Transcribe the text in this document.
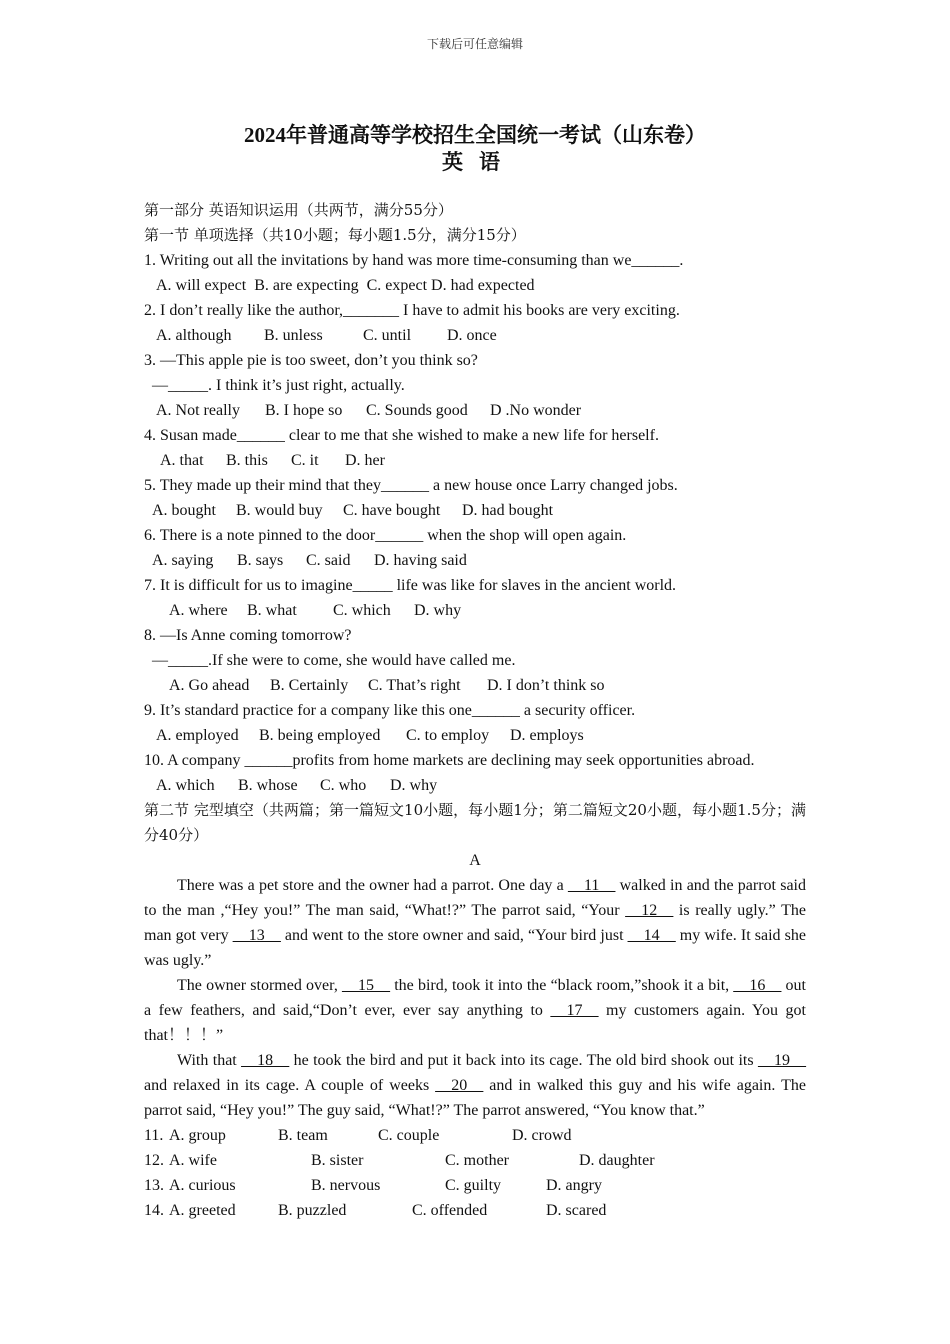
下载后可任意编辑
2024年普通高等学校招生全国统一考试（山东卷）
英语
第一部分 英语知识运用（共两节，满分55分）
第一节 单项选择（共10小题；每小题1.5分，满分15分）
1. Writing out all the invitations by hand was more time-consuming than we______.
A. will expect B. are expecting C. expect D. had expected
2. I don’t really like the author,_______ I have to admit his books are very exciting.
A. although B. unless	C. until D. once
3. —This apple pie is too sweet, don’t you think so?
—_____. I think it’s just right, actually.
A. Not really B. I hope so C. Sounds good D .No wonder
4. Susan made______ clear to me that she wished to make a new life for herself.
A. that B. this C. it D. her
5. They made up their mind that they______ a new house once Larry changed jobs.
A. bought B. would buy C. have bought D. had bought
6. There is a note pinned to the door______ when the shop will open again.
A. saying B. says C. said D. having said
7. It is difficult for us to imagine_____ life was like for slaves in the ancient world.
A. where B. what C. which D. why
8. —Is Anne coming tomorrow?
—_____.If she were to come, she would have called me.
A. Go ahead B. Certainly C. That’s right D. I don’t think so
9. It’s standard practice for a company like this one______ a security officer.
A. employed B. being employed C. to employ D. employs
10. A company ______profits from home markets are declining may seek opportunities abroad.
A. which B. whose C. who D. why
第二节 完型填空（共两篇；第一篇短文10小题，每小题1分；第二篇短文20小题，每小题1.5分；满分40分）
A
There was a pet store and the owner had a parrot. One day a __11__ walked in and the parrot said to the man ,“Hey you!” The man said, “What!?” The parrot said, “Your __12__ is really ugly.” The man got very __13__ and went to the store owner and said, “Your bird just __14__ my wife. It said she was ugly.”
The owner stormed over, __15__ the bird, took it into the “black room,”shook it a bit, __16__ out a few feathers, and said,“Don’t ever, ever say anything to __17__ my customers again. You got that！！！”
With that __18__ he took the bird and put it back into its cage. The old bird shook out its __19__ and relaxed in its cage. A couple of weeks __20__ and in walked this guy and his wife again. The parrot said, “Hey you!” The guy said, “What!?” The parrot answered, “You know that.”
11. A. group	B. team	C. couple	D. crowd
12. A. wife	B. sister	C. mother	D. daughter
13. A. curious	B. nervous	C. guilty	D. angry
14. A. greeted	B. puzzled	C. offended	D. scared
